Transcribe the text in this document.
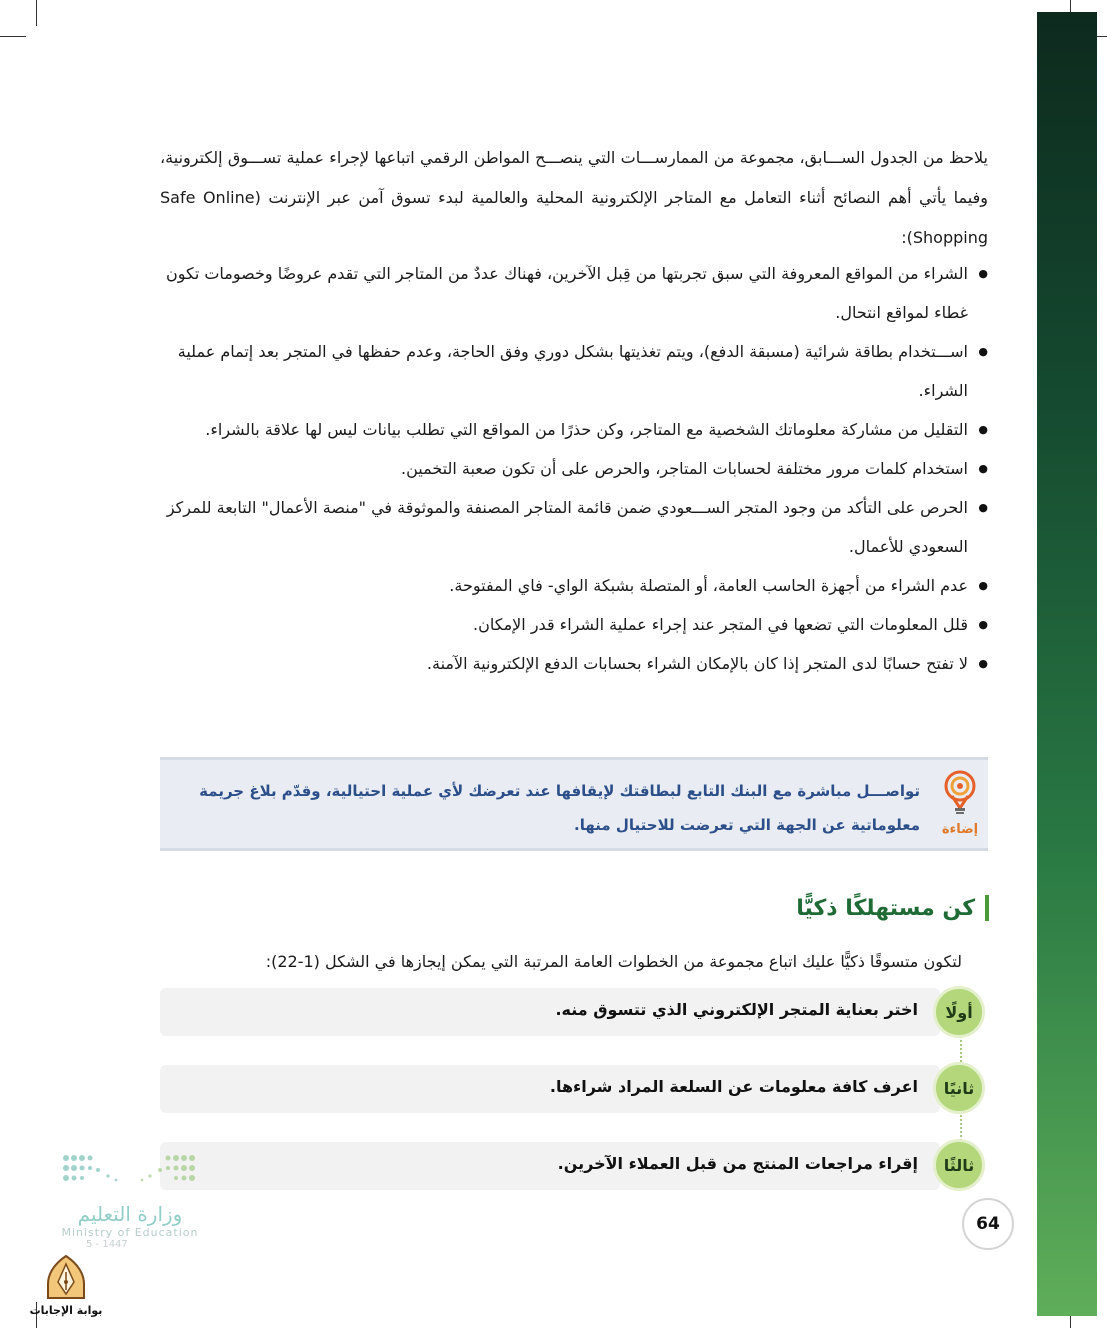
يلاحظ من الجدول الســـابق، مجموعة من الممارســـات التي ينصـــح المواطن الرقمي اتباعها لإجراء عملية تســـوق إلكترونية، وفيما يأتي أهم النصائح أثناء التعامل مع المتاجر الإلكترونية المحلية والعالمية لبدء تسوق آمن عبر الإنترنت (Safe Online Shopping):
● الشراء من المواقع المعروفة التي سبق تجربتها من قِبل الآخرين، فهناك عددٌ من المتاجر التي تقدم عروضًا وخصومات تكون غطاء لمواقع انتحال.
● اســـتخدام بطاقة شرائية (مسبقة الدفع)، ويتم تغذيتها بشكل دوري وفق الحاجة، وعدم حفظها في المتجر بعد إتمام عملية الشراء.
● التقليل من مشاركة معلوماتك الشخصية مع المتاجر، وكن حذرًا من المواقع التي تطلب بيانات ليس لها علاقة بالشراء.
● استخدام كلمات مرور مختلفة لحسابات المتاجر، والحرص على أن تكون صعبة التخمين.
● الحرص على التأكد من وجود المتجر الســـعودي ضمن قائمة المتاجر المصنفة والموثوقة في "منصة الأعمال" التابعة للمركز السعودي للأعمال.
● عدم الشراء من أجهزة الحاسب العامة، أو المتصلة بشبكة الواي- فاي المفتوحة.
● قلل المعلومات التي تضعها في المتجر عند إجراء عملية الشراء قدر الإمكان.
● لا تفتح حسابًا لدى المتجر إذا كان بالإمكان الشراء بحسابات الدفع الإلكترونية الآمنة.
إضاءة
تواصـــل مباشرة مع البنك التابع لبطاقتك لإيقافها عند تعرضك لأي عملية احتيالية، وقدّم بلاغ جريمة معلوماتية عن الجهة التي تعرضت للاحتيال منها.
كن مستهلكًا ذكيًّا
لتكون متسوقًا ذكيًّا عليك اتباع مجموعة من الخطوات العامة المرتبة التي يمكن إيجازها في الشكل (1-22):
اختر بعناية المتجر الإلكتروني الذي تتسوق منه.	أولًا
اعرف كافة معلومات عن السلعة المراد شراءها.	ثانيًا
إقراء مراجعات المنتج من قبل العملاء الآخرين.	ثالثًا
64
وزارة التعليم
Ministry of Education
5 - 1447
بوابة الإجابات
